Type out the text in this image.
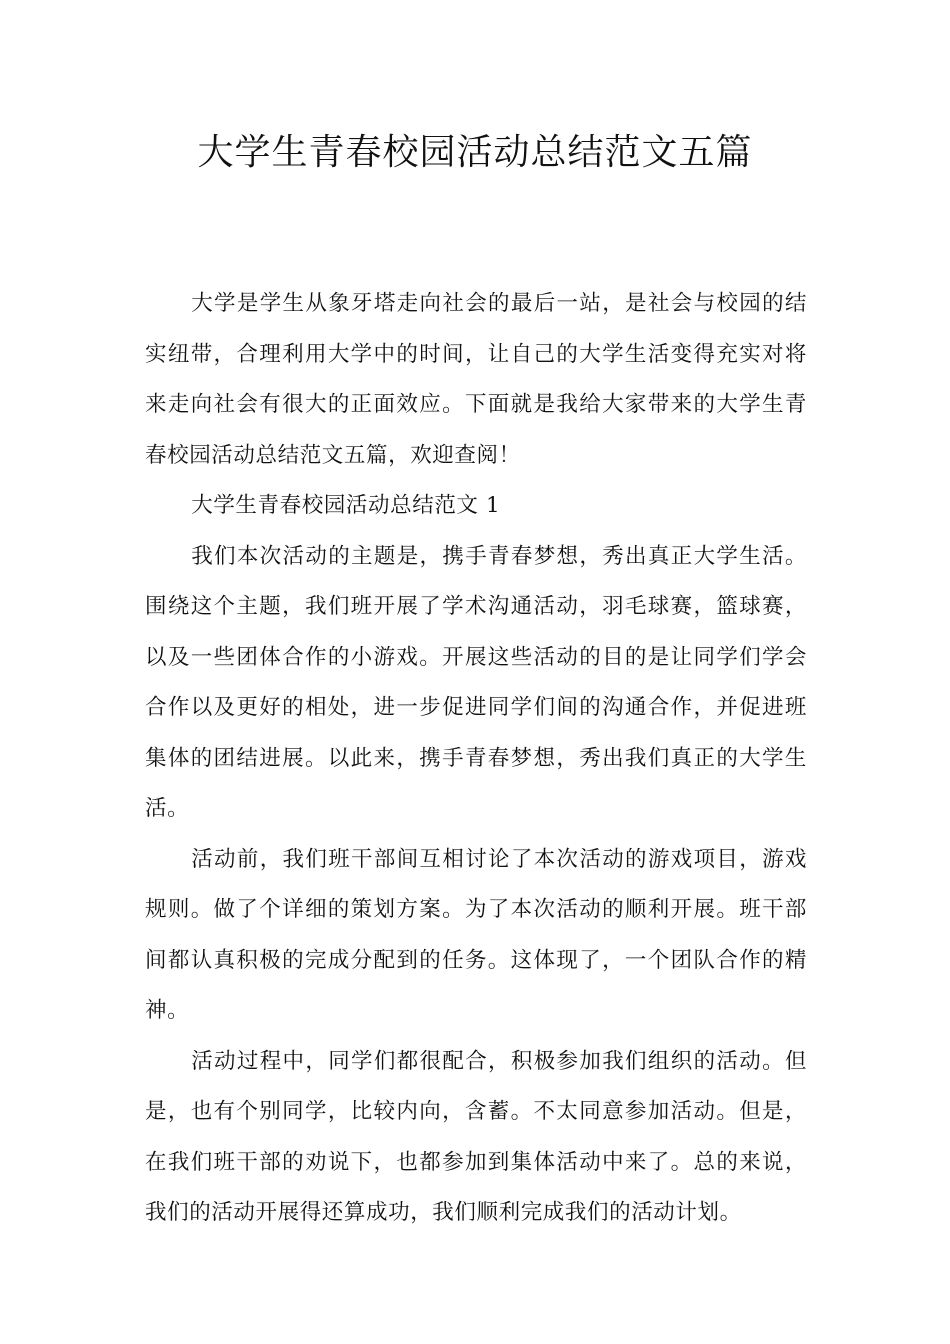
大学生青春校园活动总结范文五篇

大学是学生从象牙塔走向社会的最后一站，是社会与校园的结实纽带，合理利用大学中的时间，让自己的大学生活变得充实对将来走向社会有很大的正面效应。下面就是我给大家带来的大学生青春校园活动总结范文五篇，欢迎查阅！

大学生青春校园活动总结范文 1

我们本次活动的主题是，携手青春梦想，秀出真正大学生活。围绕这个主题，我们班开展了学术沟通活动，羽毛球赛，篮球赛，以及一些团体合作的小游戏。开展这些活动的目的是让同学们学会合作以及更好的相处，进一步促进同学们间的沟通合作，并促进班集体的团结进展。以此来，携手青春梦想，秀出我们真正的大学生活。

活动前，我们班干部间互相讨论了本次活动的游戏项目，游戏规则。做了个详细的策划方案。为了本次活动的顺利开展。班干部间都认真积极的完成分配到的任务。这体现了，一个团队合作的精神。

活动过程中，同学们都很配合，积极参加我们组织的活动。但是，也有个别同学，比较内向，含蓄。不太同意参加活动。但是，在我们班干部的劝说下，也都参加到集体活动中来了。总的来说，我们的活动开展得还算成功，我们顺利完成我们的活动计划。
